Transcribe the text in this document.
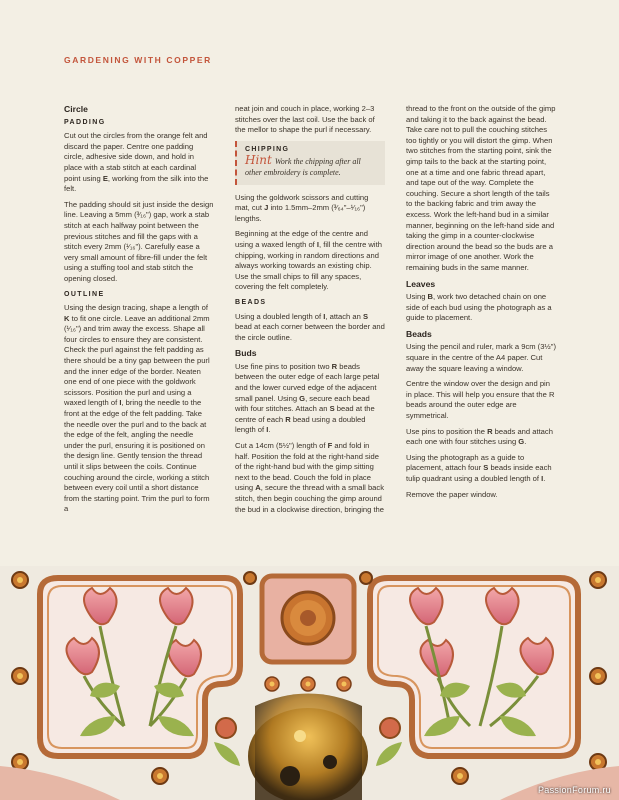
GARDENING WITH COPPER
Circle
PADDING

Cut out the circles from the orange felt and discard the paper. Centre one padding circle, adhesive side down, and hold in place with a stab stitch at each cardinal point using E, working from the silk into the felt.

The padding should sit just inside the design line. Leaving a 5mm (³⁄₁₆") gap, work a stab stitch at each halfway point between the previous stitches and fill the gaps with a stitch every 2mm (¹⁄₁₆"). Carefully ease a very small amount of fibre-fill under the felt using a stuffing tool and stab stitch the opening closed.

OUTLINE

Using the design tracing, shape a length of K to fit one circle. Leave an additional 2mm (¹⁄₁₆") and trim away the excess. Shape all four circles to ensure they are consistent. Check the purl against the felt padding as there should be a tiny gap between the purl and the inner edge of the border. Neaten one end of one piece with the goldwork scissors. Position the purl and using a waxed length of I, bring the needle to the front at the edge of the felt padding. Take the needle over the purl and to the back at the edge of the felt, angling the needle under the purl, ensuring it is positioned on the design line. Gently tension the thread until it slips between the coils. Continue couching around the circle, working a stitch between every coil until a short distance from the starting point. Trim the purl to form a

neat join and couch in place, working 2–3 stitches over the last coil. Use the back of the mellor to shape the purl if necessary.

CHIPPING
Hint Work the chipping after all other embroidery is complete.

Using the goldwork scissors and cutting mat, cut J into 1.5mm–2mm (³⁄₆₄"–¹⁄₁₆") lengths.

Beginning at the edge of the centre and using a waxed length of I, fill the centre with chipping, working in random directions and always working towards an existing chip. Use the small chips to fill any spaces, covering the felt completely.

BEADS

Using a doubled length of I, attach an S bead at each corner between the border and the circle outline.

Buds

Use fine pins to position two R beads between the outer edge of each large petal and the lower curved edge of the adjacent small panel. Using G, secure each bead with four stitches. Attach an S bead at the centre of each R bead using a doubled length of I.

Cut a 14cm (5½") length of F and fold in half. Position the fold at the right-hand side of the right-hand bud with the gimp sitting next to the bead. Couch the fold in place using A, secure the thread with a small back stitch, then begin couching the gimp around the bud in a clockwise direction, bringing the

thread to the front on the outside of the gimp and taking it to the back against the bead. Take care not to pull the couching stitches too tightly or you will distort the gimp. When two stitches from the starting point, sink the gimp tails to the back at the starting point, one at a time and one fabric thread apart, and tape out of the way. Complete the couching. Secure a short length of the tails to the backing fabric and trim away the excess. Work the left-hand bud in a similar manner, beginning on the left-hand side and taking the gimp in a counter-clockwise direction around the bead so the buds are a mirror image of one another. Work the remaining buds in the same manner.

Leaves

Using B, work two detached chain on one side of each bud using the photograph as a guide to placement.

Beads

Using the pencil and ruler, mark a 9cm (3½") square in the centre of the A4 paper. Cut away the square leaving a window.

Centre the window over the design and pin in place. This will help you ensure that the R beads around the outer edge are symmetrical.

Use pins to position the R beads and attach each one with four stitches using G.

Using the photograph as a guide to placement, attach four S beads inside each tulip quadrant using a doubled length of I.

Remove the paper window.

PassionForum.ru
